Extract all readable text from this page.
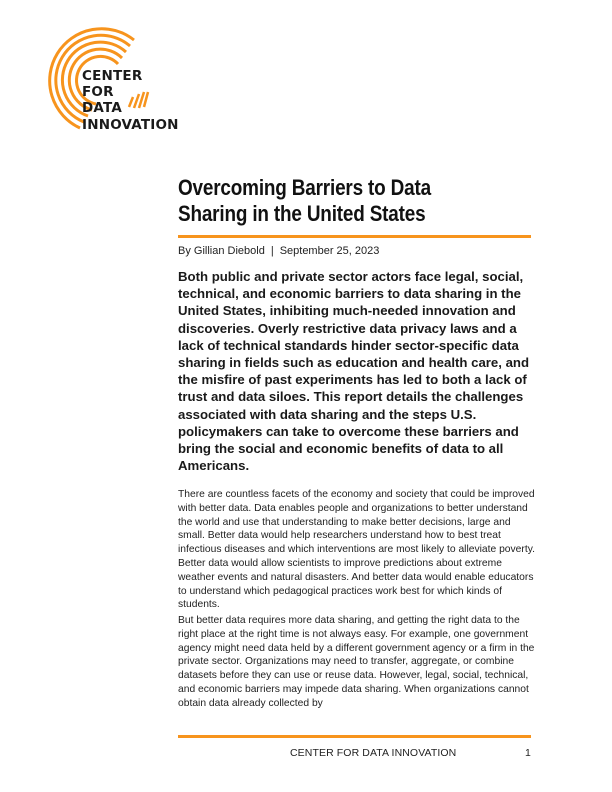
CENTER
FOR
DATA
INNOVATION
Overcoming Barriers to Data Sharing in the United States
By Gillian Diebold | September 25, 2023

Both public and private sector actors face legal, social, technical, and economic barriers to data sharing in the United States, inhibiting much-needed innovation and discoveries. Overly restrictive data privacy laws and a lack of technical standards hinder sector-specific data sharing in fields such as education and health care, and the misfire of past experiments has led to both a lack of trust and data siloes. This report details the challenges associated with data sharing and the steps U.S. policymakers can take to overcome these barriers and bring the social and economic benefits of data to all Americans.

There are countless facets of the economy and society that could be improved with better data. Data enables people and organizations to better understand the world and use that understanding to make better decisions, large and small. Better data would help researchers understand how to best treat infectious diseases and which interventions are most likely to alleviate poverty. Better data would allow scientists to improve predictions about extreme weather events and natural disasters. And better data would enable educators to understand which pedagogical practices work best for which kinds of students.

But better data requires more data sharing, and getting the right data to the right place at the right time is not always easy. For example, one government agency might need data held by a different government agency or a firm in the private sector. Organizations may need to transfer, aggregate, or combine datasets before they can use or reuse data. However, legal, social, technical, and economic barriers may impede data sharing. When organizations cannot obtain data already collected by

CENTER FOR DATA INNOVATION	1
